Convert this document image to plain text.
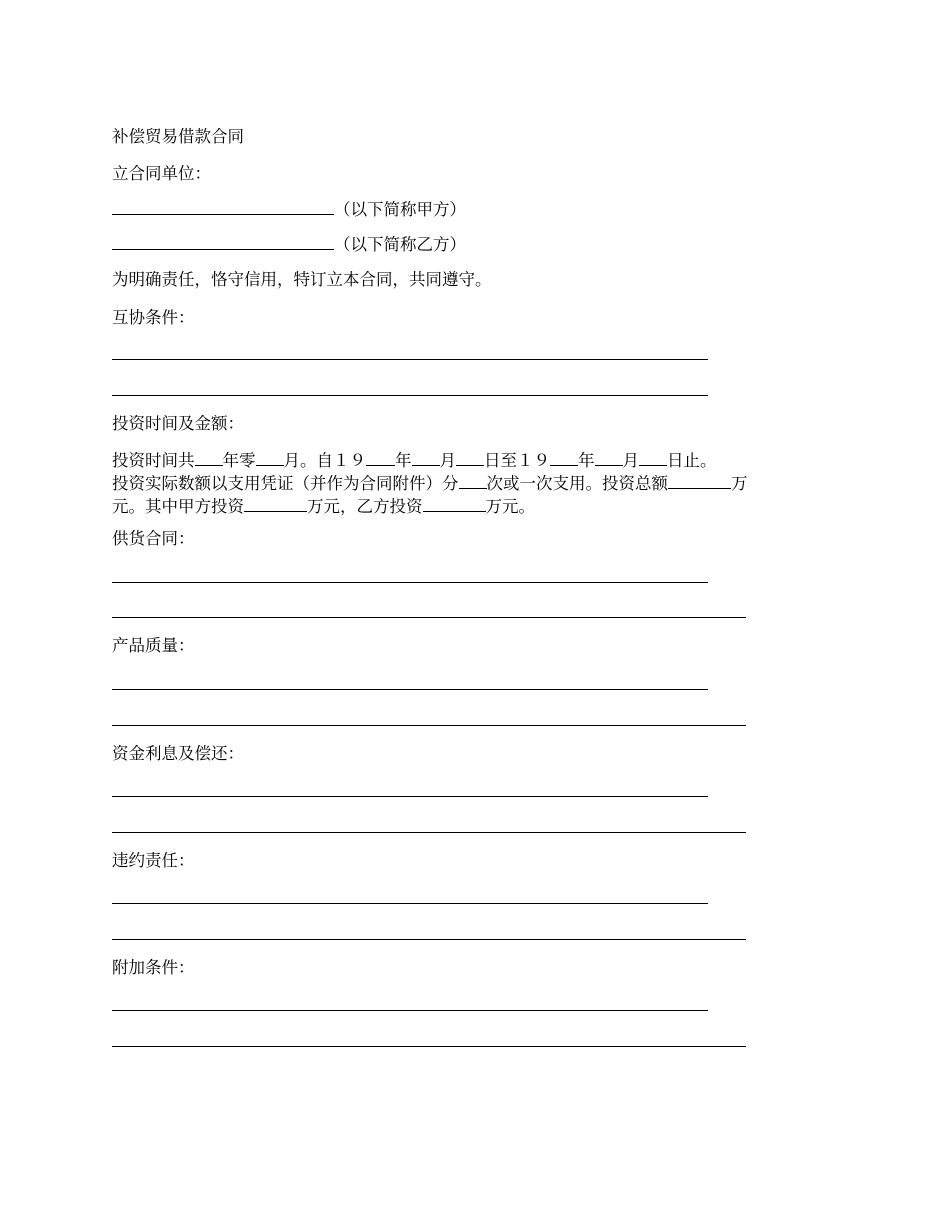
补偿贸易借款合同
立合同单位：
（以下简称甲方）
（以下简称乙方）
为明确责任，恪守信用，特订立本合同，共同遵守。
互协条件：
投资时间及金额：
投资时间共 年零 月。自１９ 年 月 日至１９ 年 月 日止。
投资实际数额以支用凭证（并作为合同附件）分 次或一次支用。投资总额	万
元。其中甲方投资	万元，乙方投资	万元。
供货合同：
产品质量：
资金利息及偿还：
违约责任：
附加条件：
